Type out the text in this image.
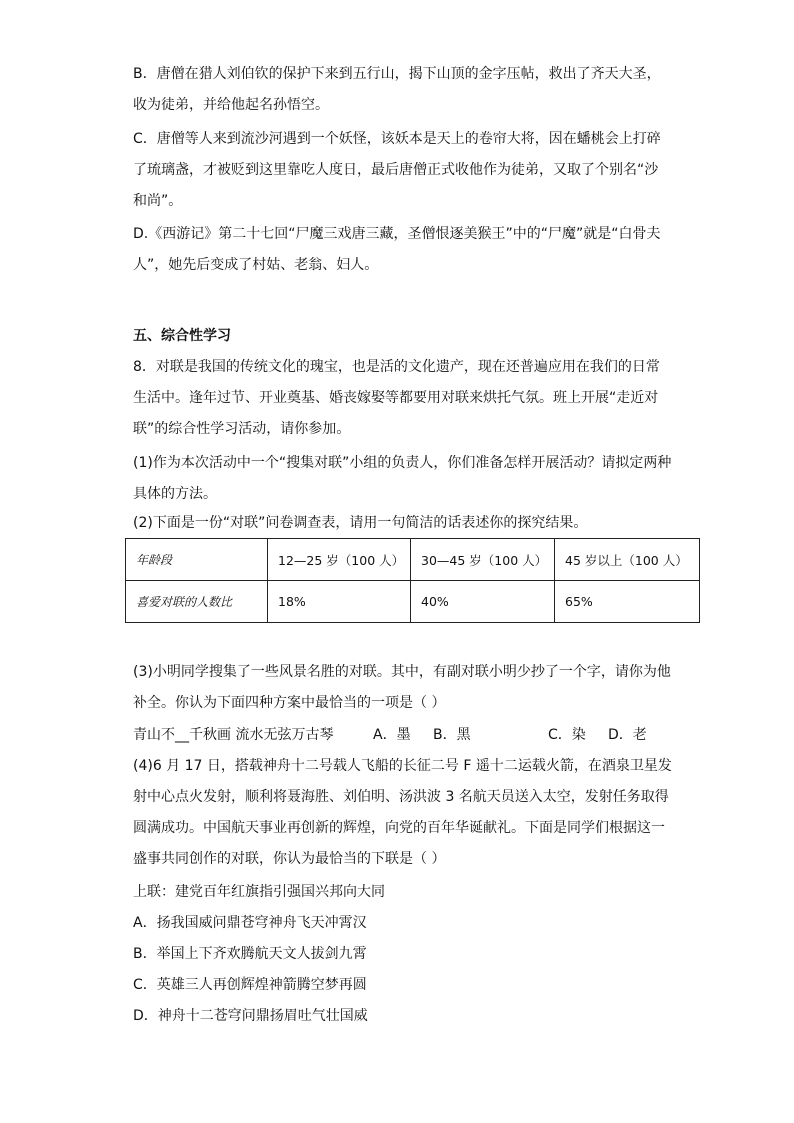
B．唐僧在猎人刘伯钦的保护下来到五行山，揭下山顶的金字压帖，救出了齐天大圣，

收为徒弟，并给他起名孙悟空。

C．唐僧等人来到流沙河遇到一个妖怪，该妖本是天上的卷帘大将，因在蟠桃会上打碎

了琉璃盏，才被贬到这里靠吃人度日，最后唐僧正式收他作为徒弟，又取了个别名“沙

和尚”。

D.《西游记》第二十七回“尸魔三戏唐三藏，圣僧恨逐美猴王”中的“尸魔”就是“白骨夫

人”，她先后变成了村姑、老翁、妇人。

五、综合性学习

8．对联是我国的传统文化的瑰宝，也是活的文化遗产，现在还普遍应用在我们的日常

生活中。逢年过节、开业奠基、婚丧嫁娶等都要用对联来烘托气氛。班上开展“走近对

联”的综合性学习活动，请你参加。

(1)作为本次活动中一个“搜集对联”小组的负责人，你们准备怎样开展活动？请拟定两种

具体的方法。

(2)下面是一份“对联”问卷调查表，请用一句简洁的话表述你的探究结果。

年龄段	12—25 岁（100 人）	30—45 岁（100 人）	45 岁以上（100 人）
喜爱对联的人数比	18%	40%	65%

(3)小明同学搜集了一些风景名胜的对联。其中，有副对联小明少抄了一个字，请你为他

补全。你认为下面四种方案中最恰当的一项是（ ）

青山不__千秋画 流水无弦万古琴	A．墨 B．黑	C．染 D．老

(4)6 月 17 日，搭载神舟十二号载人飞船的长征二号 F 遥十二运载火箭，在酒泉卫星发

射中心点火发射，顺利将聂海胜、刘伯明、汤洪波 3 名航天员送入太空，发射任务取得

圆满成功。中国航天事业再创新的辉煌，向党的百年华诞献礼。下面是同学们根据这一

盛事共同创作的对联，你认为最恰当的下联是（ ）

上联：建党百年红旗指引强国兴邦向大同

A．扬我国威问鼎苍穹神舟飞天冲霄汉

B．举国上下齐欢腾航天文人拔剑九霄

C．英雄三人再创辉煌神箭腾空梦再圆

D．神舟十二苍穹问鼎扬眉吐气壮国威
